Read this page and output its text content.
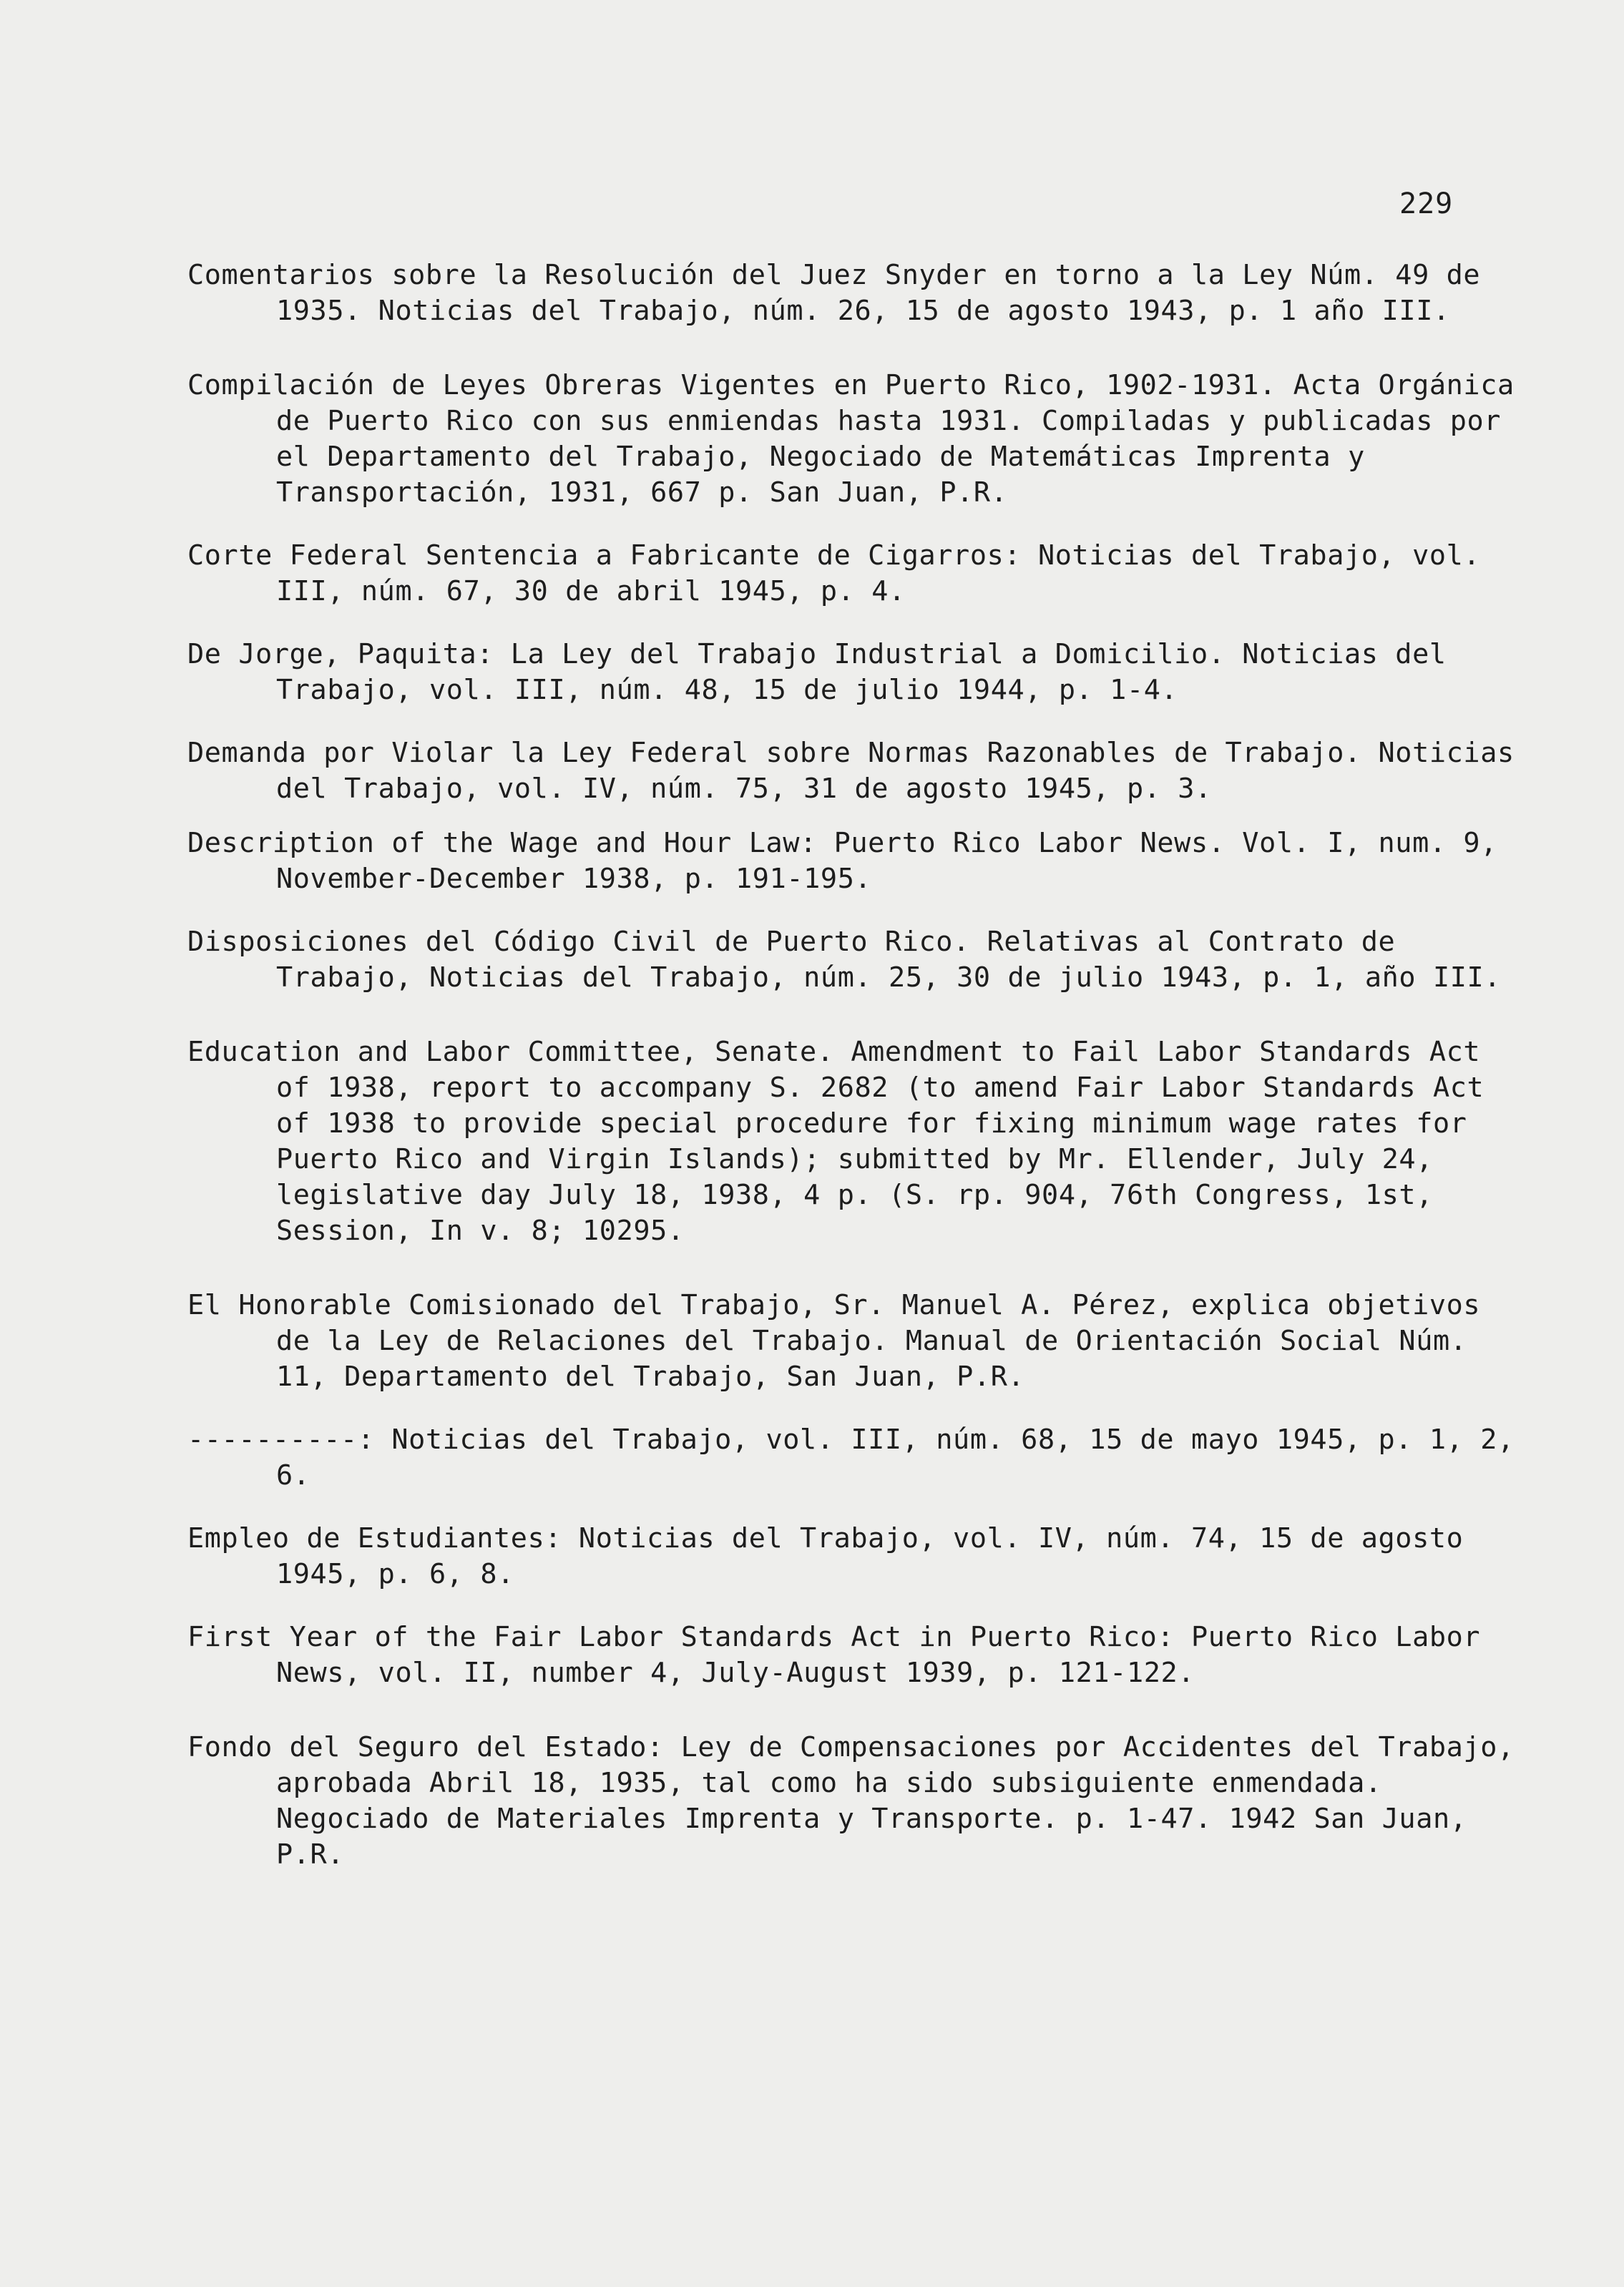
229
Comentarios sobre la Resolución del Juez Snyder en torno a la Ley Núm. 49 de 1935. Noticias del Trabajo, núm. 26, 15 de agosto 1943, p. 1 año III.
Compilación de Leyes Obreras Vigentes en Puerto Rico, 1902-1931. Acta Orgánica de Puerto Rico con sus enmiendas hasta 1931. Compiladas y publicadas por el Departamento del Trabajo, Negociado de Matemáticas Imprenta y Transportación, 1931, 667 p. San Juan, P.R.
Corte Federal Sentencia a Fabricante de Cigarros: Noticias del Trabajo, vol. III, núm. 67, 30 de abril 1945, p. 4.
De Jorge, Paquita: La Ley del Trabajo Industrial a Domicilio. Noticias del Trabajo, vol. III, núm. 48, 15 de julio 1944, p. 1-4.
Demanda por Violar la Ley Federal sobre Normas Razonables de Trabajo. Noticias del Trabajo, vol. IV, núm. 75, 31 de agosto 1945, p. 3.
Description of the Wage and Hour Law: Puerto Rico Labor News. Vol. I, num. 9, November-December 1938, p. 191-195.
Disposiciones del Código Civil de Puerto Rico. Relativas al Contrato de Trabajo, Noticias del Trabajo, núm. 25, 30 de julio 1943, p. 1, año III.
Education and Labor Committee, Senate. Amendment to Fail Labor Standards Act of 1938, report to accompany S. 2682 (to amend Fair Labor Standards Act of 1938 to provide special procedure for fixing minimum wage rates for Puerto Rico and Virgin Islands); submitted by Mr. Ellender, July 24, legislative day July 18, 1938, 4 p. (S. rp. 904, 76th Congress, 1st, Session, In v. 8; 10295.
El Honorable Comisionado del Trabajo, Sr. Manuel A. Pérez, explica objetivos de la Ley de Relaciones del Trabajo. Manual de Orientación Social Núm. 11, Departamento del Trabajo, San Juan, P.R.
----------: Noticias del Trabajo, vol. III, núm. 68, 15 de mayo 1945, p. 1, 2, 6.
Empleo de Estudiantes: Noticias del Trabajo, vol. IV, núm. 74, 15 de agosto 1945, p. 6, 8.
First Year of the Fair Labor Standards Act in Puerto Rico: Puerto Rico Labor News, vol. II, number 4, July-August 1939, p. 121-122.
Fondo del Seguro del Estado: Ley de Compensaciones por Accidentes del Trabajo, aprobada Abril 18, 1935, tal como ha sido subsiguiente enmendada. Negociado de Materiales Imprenta y Transporte. p. 1-47. 1942 San Juan, P.R.
